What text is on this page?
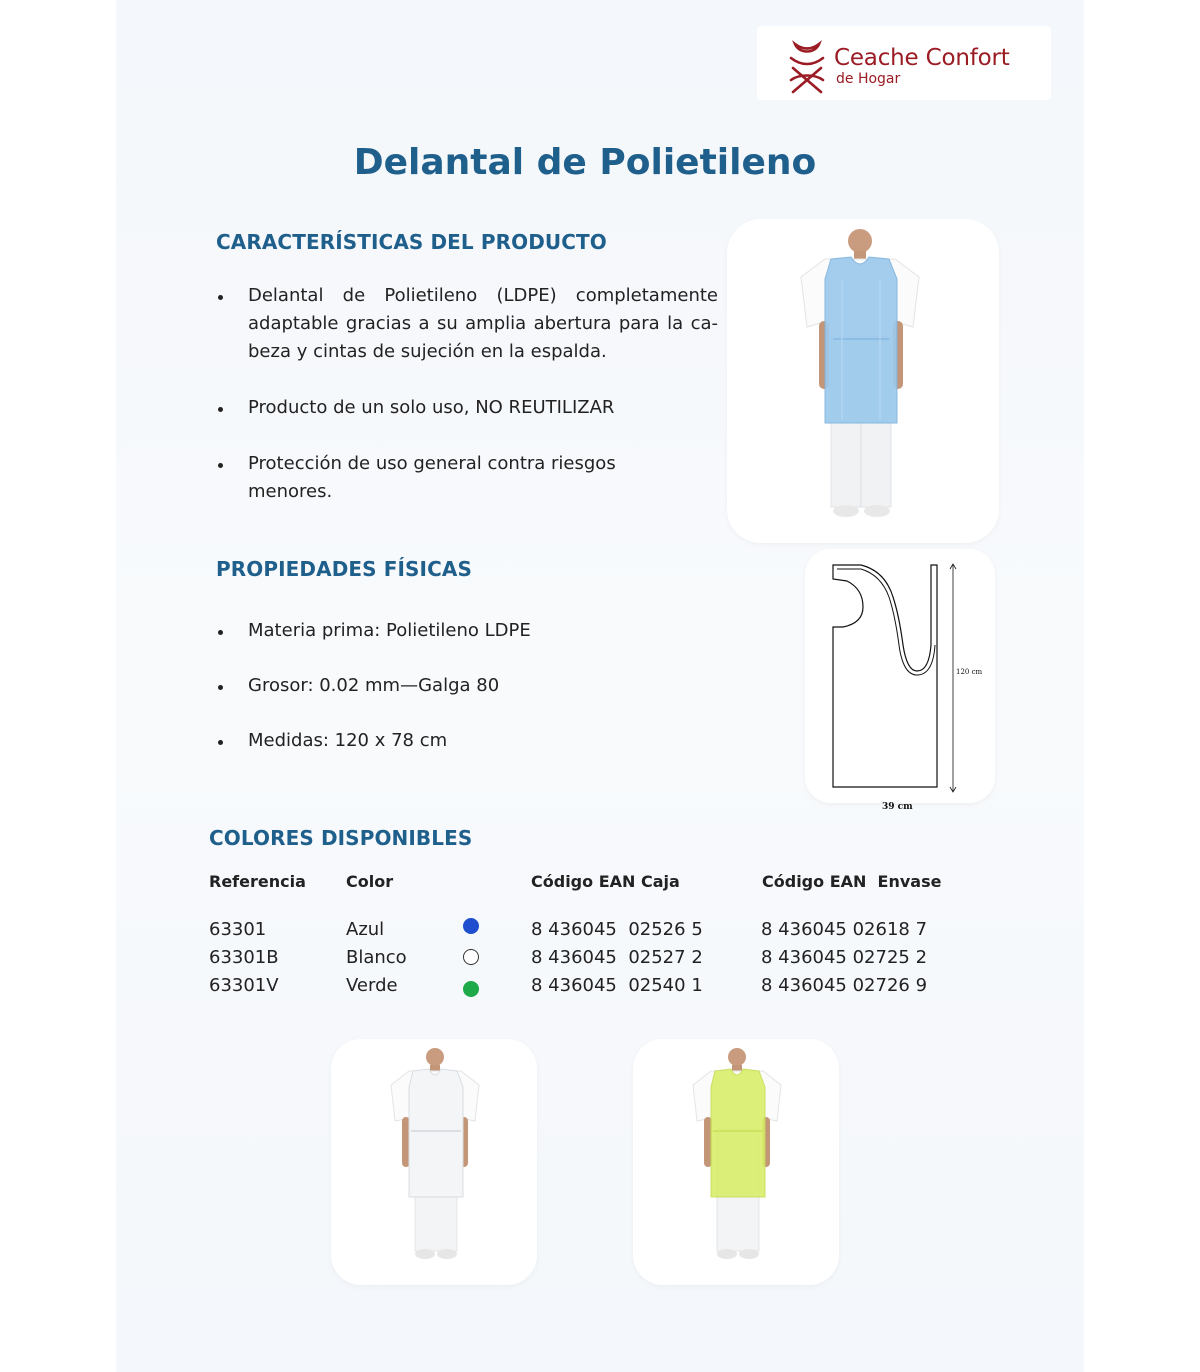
Ceache Confort
de Hogar
Delantal de Polietileno
CARACTERÍSTICAS DEL PRODUCTO
Delantal de Polietileno (LDPE) completamente adaptable gracias a su amplia abertura para la ca-beza y cintas de sujeción en la espalda.
Producto de un solo uso, NO REUTILIZAR
Protección de uso general contra riesgos menores.
PROPIEDADES FÍSICAS
Materia prima: Polietileno LDPE
Grosor: 0.02 mm—Galga 80
Medidas: 120 x 78 cm
120 cm
39 cm
COLORES DISPONIBLES
Referencia	Color	Código EAN Caja	Código EAN  Envase
63301	Azul	8 436045  02526 5	8 436045 02618 7
63301B	Blanco	8 436045  02527 2	8 436045 02725 2
63301V	Verde	8 436045  02540 1	8 436045 02726 9
